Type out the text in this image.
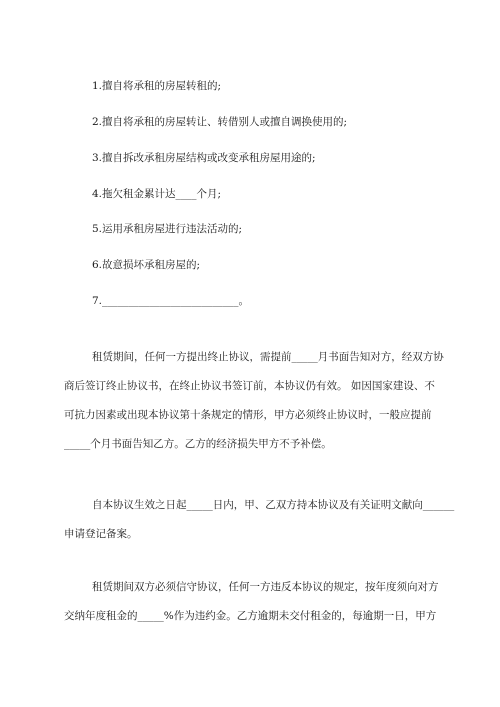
1.擅自将承租的房屋转租的;
2.擅自将承租的房屋转让、转借别人或擅自调换使用的;
3.擅自拆改承租房屋结构或改变承租房屋用途的;
4.拖欠租金累计达____个月;
5.运用承租房屋进行违法活动的;
6.故意损坏承租房屋的;
7.__________________________。
租赁期间，任何一方提出终止协议，需提前_____月书面告知对方，经双方协
商后签订终止协议书，在终止协议书签订前，本协议仍有效。 如因国家建设、不
可抗力因素或出现本协议第十条规定的情形，甲方必须终止协议时，一般应提前
_____个月书面告知乙方。乙方的经济损失甲方不予补偿。
自本协议生效之日起_____日内，甲、乙双方持本协议及有关证明文献向______
申请登记备案。
租赁期间双方必须信守协议，任何一方违反本协议的规定，按年度须向对方
交纳年度租金的_____%作为违约金。乙方逾期未交付租金的，每逾期一日，甲方
